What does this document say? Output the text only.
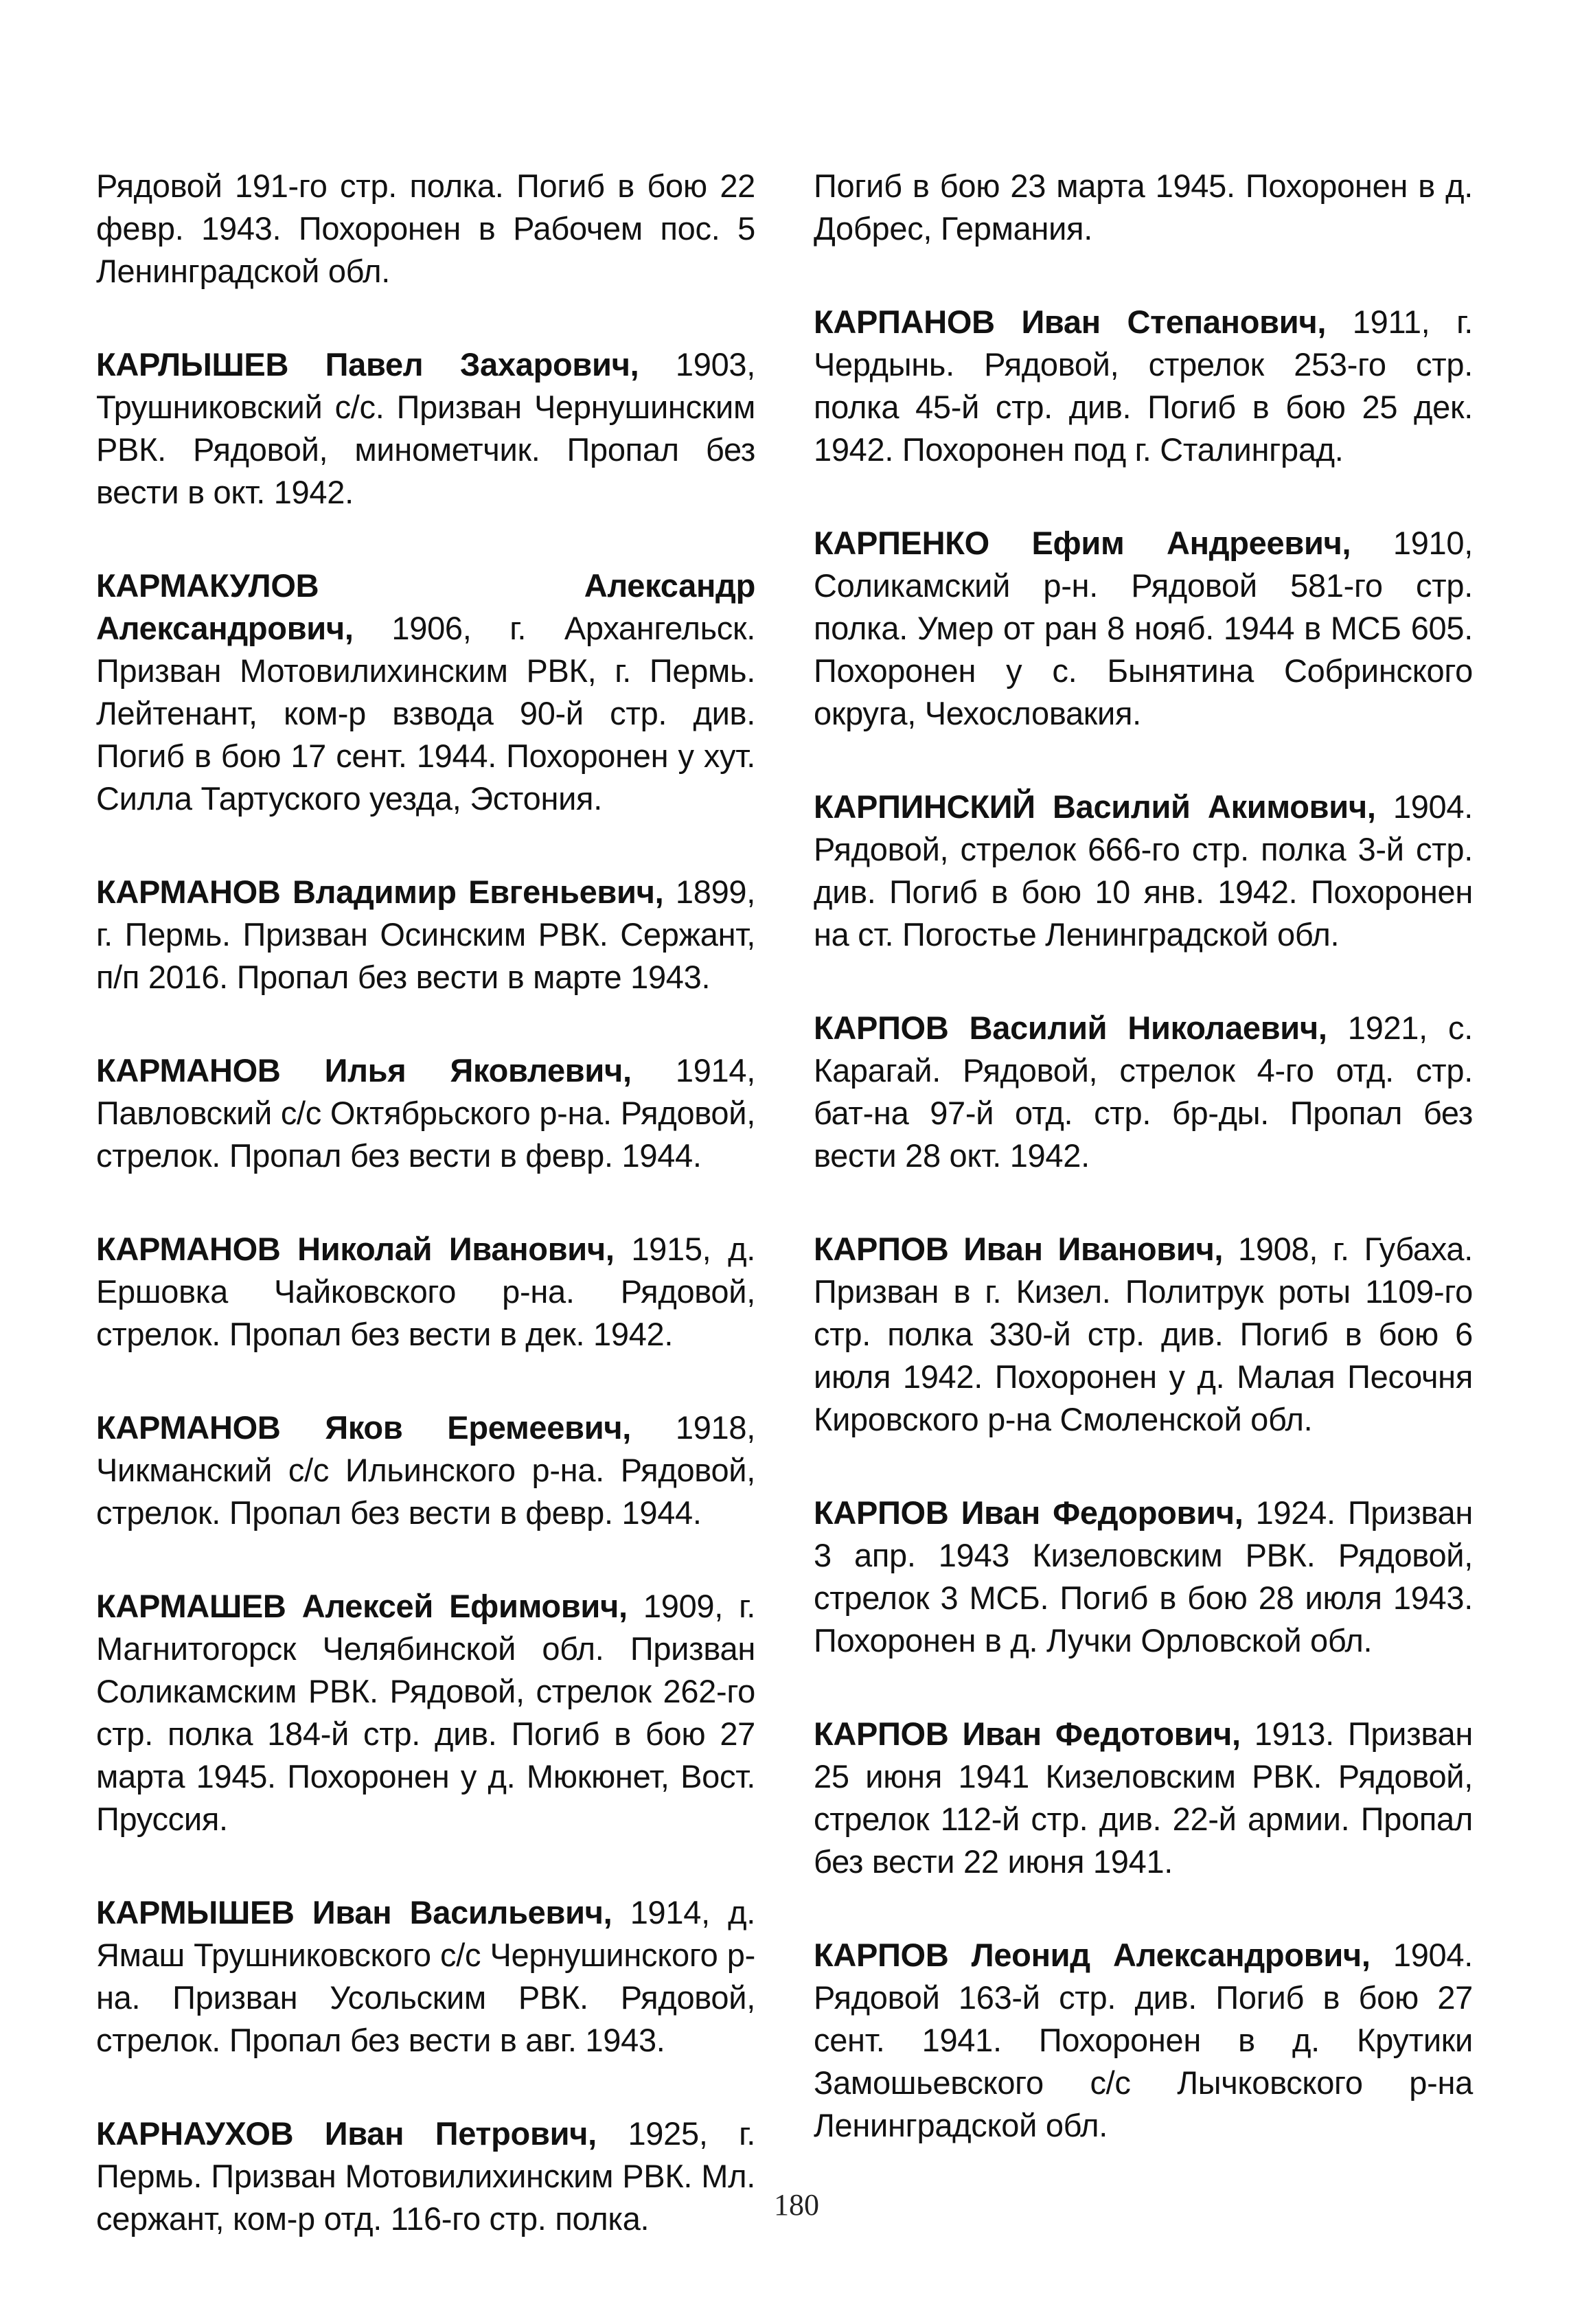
Рядовой 191-го стр. полка. Погиб в бою 22 февр. 1943. Похоронен в Рабочем пос. 5 Ленинградской обл.

КАРЛЫШЕВ Павел Захарович, 1903, Трушниковский с/с. Призван Чернушинским РВК. Рядовой, минометчик. Пропал без вести в окт. 1942.

КАРМАКУЛОВ Александр Александрович, 1906, г. Архангельск. Призван Мотовилихинским РВК, г. Пермь. Лейтенант, ком-р взвода 90-й стр. див. Погиб в бою 17 сент. 1944. Похоронен у хут. Силла Тартуского уезда, Эстония.

КАРМАНОВ Владимир Евгеньевич, 1899, г. Пермь. Призван Осинским РВК. Сержант, п/п 2016. Пропал без вести в марте 1943.

КАРМАНОВ Илья Яковлевич, 1914, Павловский с/с Октябрьского р-на. Рядовой, стрелок. Пропал без вести в февр. 1944.

КАРМАНОВ Николай Иванович, 1915, д. Ершовка Чайковского р-на. Рядовой, стрелок. Пропал без вести в дек. 1942.

КАРМАНОВ Яков Еремеевич, 1918, Чикманский с/с Ильинского р-на. Рядовой, стрелок. Пропал без вести в февр. 1944.

КАРМАШЕВ Алексей Ефимович, 1909, г. Магнитогорск Челябинской обл. Призван Соликамским РВК. Рядовой, стрелок 262-го стр. полка 184-й стр. див. Погиб в бою 27 марта 1945. Похоронен у д. Мюкюнет, Вост. Пруссия.

КАРМЫШЕВ Иван Васильевич, 1914, д. Ямаш Трушниковского с/с Чернушинского р-на. Призван Усольским РВК. Рядовой, стрелок. Пропал без вести в авг. 1943.

КАРНАУХОВ Иван Петрович, 1925, г. Пермь. Призван Мотовилихинским РВК. Мл. сержант, ком-р отд. 116-го стр. полка.

Погиб в бою 23 марта 1945. Похоронен в д. Добрес, Германия.

КАРПАНОВ Иван Степанович, 1911, г. Чердынь. Рядовой, стрелок 253-го стр. полка 45-й стр. див. Погиб в бою 25 дек. 1942. Похоронен под г. Сталинград.

КАРПЕНКО Ефим Андреевич, 1910, Соликамский р-н. Рядовой 581-го стр. полка. Умер от ран 8 нояб. 1944 в МСБ 605. Похоронен у с. Бынятина Собринского округа, Чехословакия.

КАРПИНСКИЙ Василий Акимович, 1904. Рядовой, стрелок 666-го стр. полка 3-й стр. див. Погиб в бою 10 янв. 1942. Похоронен на ст. Погостье Ленинградской обл.

КАРПОВ Василий Николаевич, 1921, с. Карагай. Рядовой, стрелок 4-го отд. стр. бат-на 97-й отд. стр. бр-ды. Пропал без вести 28 окт. 1942.

КАРПОВ Иван Иванович, 1908, г. Губаха. Призван в г. Кизел. Политрук роты 1109-го стр. полка 330-й стр. див. Погиб в бою 6 июля 1942. Похоронен у д. Малая Песочня Кировского р-на Смоленской обл.

КАРПОВ Иван Федорович, 1924. Призван 3 апр. 1943 Кизеловским РВК. Рядовой, стрелок 3 МСБ. Погиб в бою 28 июля 1943. Похоронен в д. Лучки Орловской обл.

КАРПОВ Иван Федотович, 1913. Призван 25 июня 1941 Кизеловским РВК. Рядовой, стрелок 112-й стр. див. 22-й армии. Пропал без вести 22 июня 1941.

КАРПОВ Леонид Александрович, 1904. Рядовой 163-й стр. див. Погиб в бою 27 сент. 1941. Похоронен в д. Крутики Замошьевского с/с Лычковского р-на Ленинградской обл.

180
